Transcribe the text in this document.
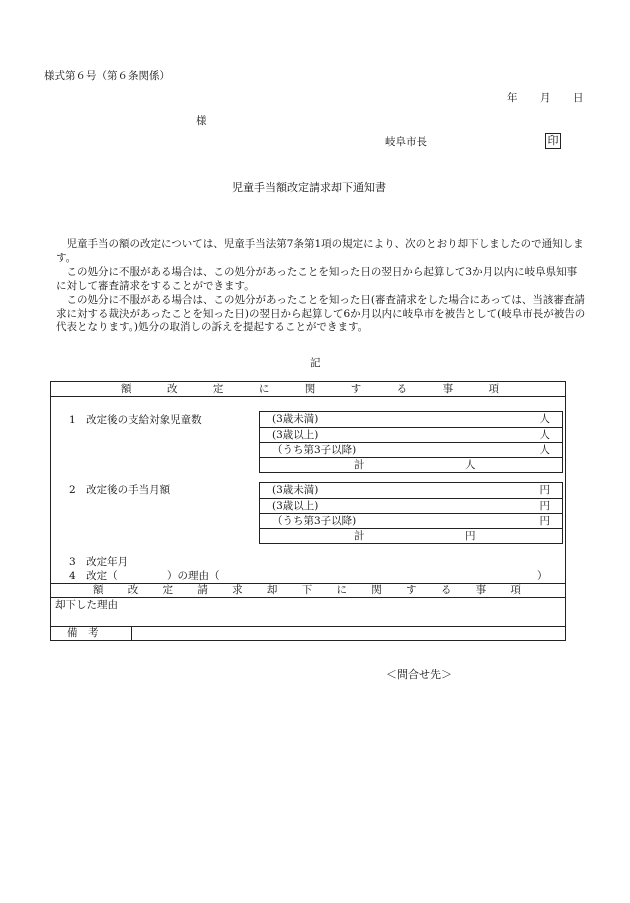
様式第６号（第６条関係）
年 月 日
様
岐阜市長	印
児童手当額改定請求却下通知書
児童手当の額の改定については、児童手当法第7条第1項の規定により、次のとおり却下しましたので通知します。
この処分に不服がある場合は、この処分があったことを知った日の翌日から起算して3か月以内に岐阜県知事に対して審査請求をすることができます。
この処分に不服がある場合は、この処分があったことを知った日(審査請求をした場合にあっては、当該審査請求に対する裁決があったことを知った日)の翌日から起算して6か月以内に岐阜市を被告として(岐阜市長が被告の代表となります。)処分の取消しの訴えを提起することができます。
記
額	改	定	に	関	す	る	事	項
1　改定後の支給対象児童数	(3歳未満)	人
(3歳以上)	人
（うち第3子以降)	人
計	人
2　改定後の手当月額	(3歳未満)	円
(3歳以上)	円
（うち第3子以降)	円
計	円
3　改定年月
4　改定（	）の理由（	）
額 改 定 請 求 却 下 に 関 す る 事 項
却下した理由
備　考
＜問合せ先＞
